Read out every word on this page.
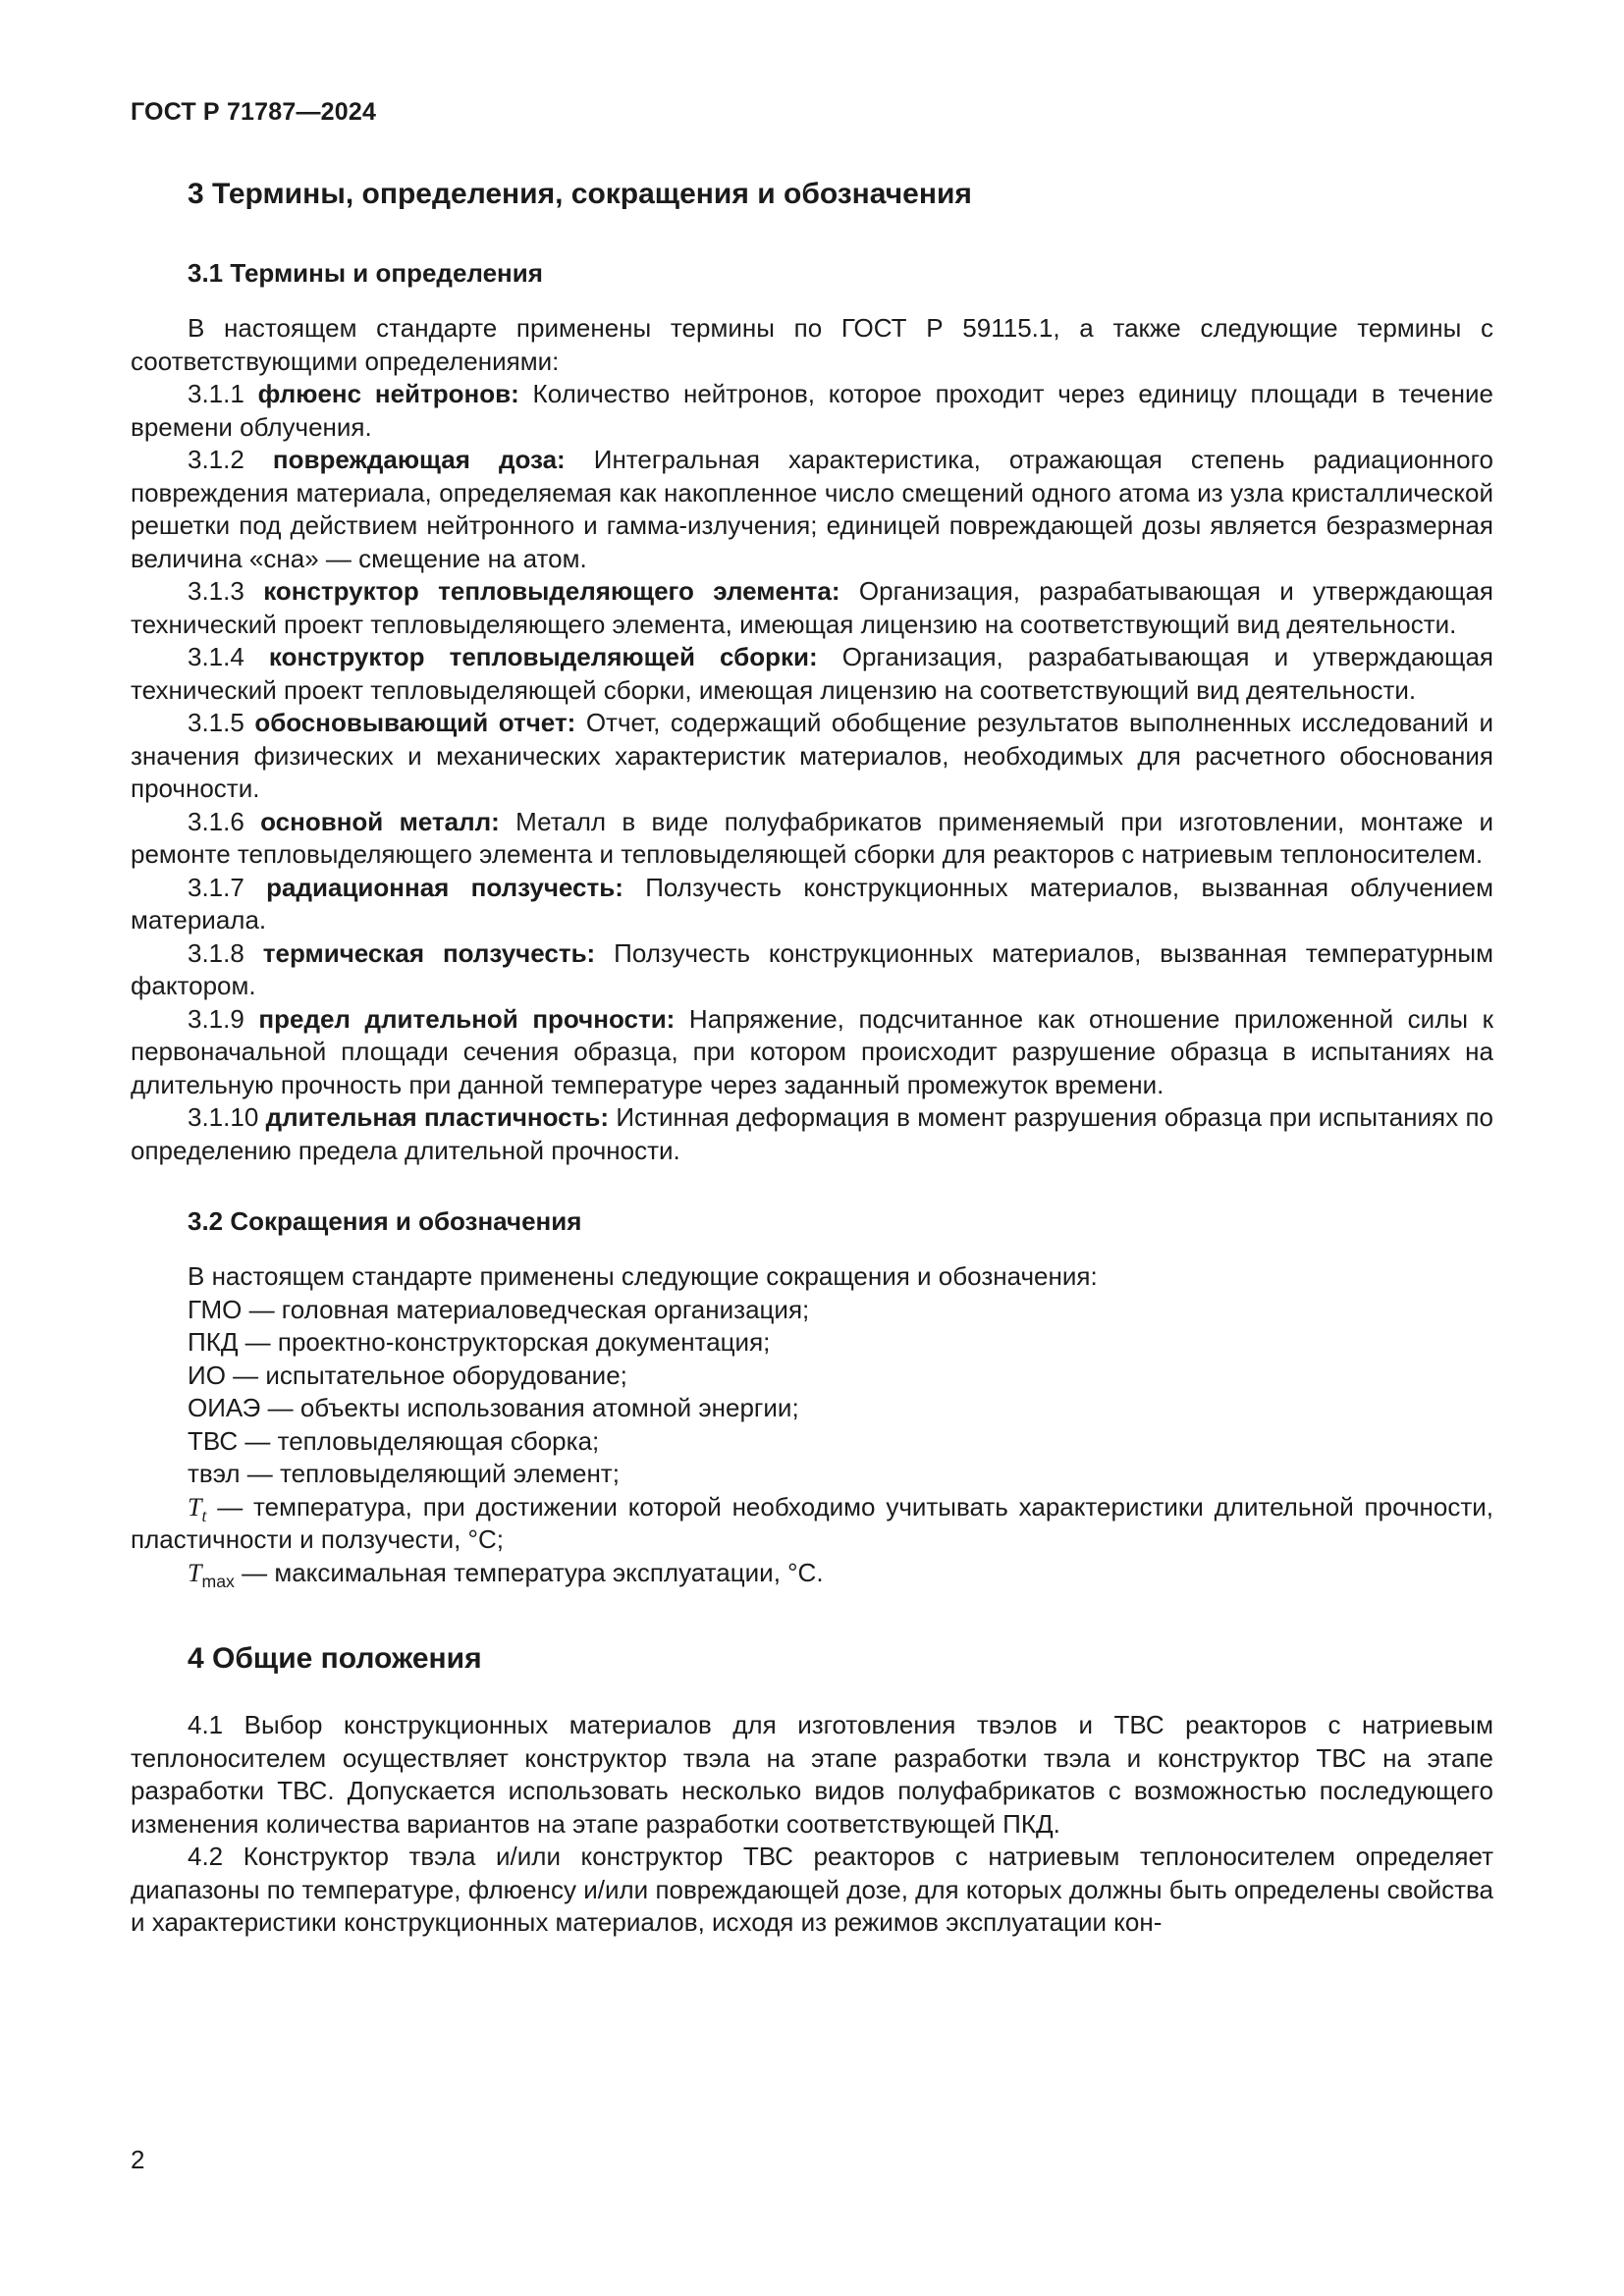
ГОСТ Р 71787—2024
3 Термины, определения, сокращения и обозначения
3.1 Термины и определения

В настоящем стандарте применены термины по ГОСТ Р 59115.1, а также следующие термины с соответствующими определениями:

3.1.1 флюенс нейтронов: Количество нейтронов, которое проходит через единицу площади в течение времени облучения.

3.1.2 повреждающая доза: Интегральная характеристика, отражающая степень радиационного повреждения материала, определяемая как накопленное число смещений одного атома из узла кристаллической решетки под действием нейтронного и гамма-излучения; единицей повреждающей дозы является безразмерная величина «сна» — смещение на атом.

3.1.3 конструктор тепловыделяющего элемента: Организация, разрабатывающая и утверждающая технический проект тепловыделяющего элемента, имеющая лицензию на соответствующий вид деятельности.

3.1.4 конструктор тепловыделяющей сборки: Организация, разрабатывающая и утверждающая технический проект тепловыделяющей сборки, имеющая лицензию на соответствующий вид деятельности.

3.1.5 обосновывающий отчет: Отчет, содержащий обобщение результатов выполненных исследований и значения физических и механических характеристик материалов, необходимых для расчетного обоснования прочности.

3.1.6 основной металл: Металл в виде полуфабрикатов применяемый при изготовлении, монтаже и ремонте тепловыделяющего элемента и тепловыделяющей сборки для реакторов с натриевым теплоносителем.

3.1.7 радиационная ползучесть: Ползучесть конструкционных материалов, вызванная облучением материала.

3.1.8 термическая ползучесть: Ползучесть конструкционных материалов, вызванная температурным фактором.

3.1.9 предел длительной прочности: Напряжение, подсчитанное как отношение приложенной силы к первоначальной площади сечения образца, при котором происходит разрушение образца в испытаниях на длительную прочность при данной температуре через заданный промежуток времени.

3.1.10 длительная пластичность: Истинная деформация в момент разрушения образца при испытаниях по определению предела длительной прочности.

3.2 Сокращения и обозначения

В настоящем стандарте применены следующие сокращения и обозначения:

ГМО — головная материаловедческая организация;

ПКД — проектно-конструкторская документация;

ИО — испытательное оборудование;

ОИАЭ — объекты использования атомной энергии;

ТВС — тепловыделяющая сборка;

твэл — тепловыделяющий элемент;

$T_t$ — температура, при достижении которой необходимо учитывать характеристики длительной прочности, пластичности и ползучести, °С;

$T_{max}$ — максимальная температура эксплуатации, °С.

4 Общие положения

4.1 Выбор конструкционных материалов для изготовления твэлов и ТВС реакторов с натриевым теплоносителем осуществляет конструктор твэла на этапе разработки твэла и конструктор ТВС на этапе разработки ТВС. Допускается использовать несколько видов полуфабрикатов с возможностью последующего изменения количества вариантов на этапе разработки соответствующей ПКД.

4.2 Конструктор твэла и/или конструктор ТВС реакторов с натриевым теплоносителем определяет диапазоны по температуре, флюенсу и/или повреждающей дозе, для которых должны быть определены свойства и характеристики конструкционных материалов, исходя из режимов эксплуатации кон-

2
